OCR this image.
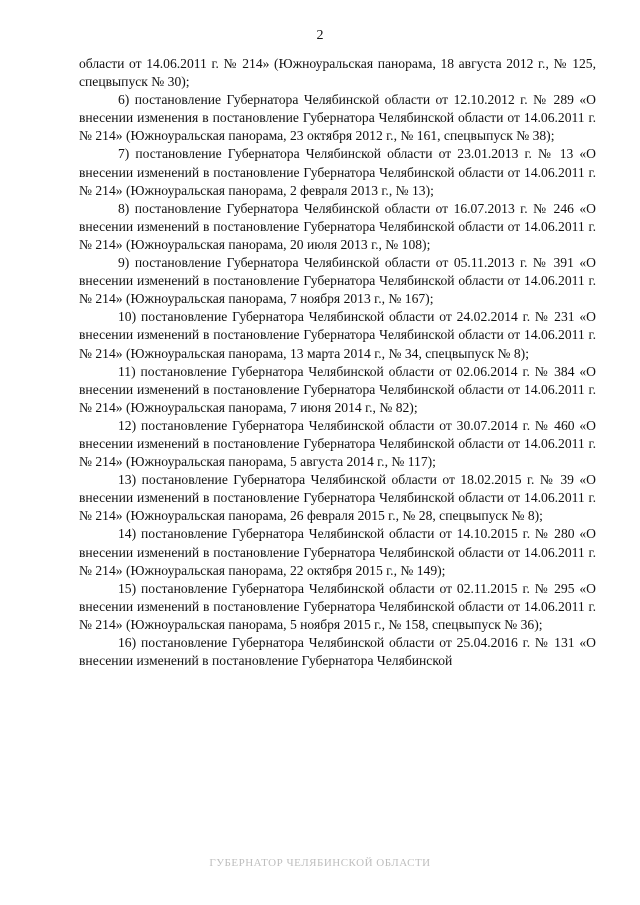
2

области от 14.06.2011 г. № 214» (Южноуральская панорама, 18 августа 2012 г., № 125, спецвыпуск № 30);

6) постановление Губернатора Челябинской области от 12.10.2012 г. № 289 «О внесении изменения в постановление Губернатора Челябинской области от 14.06.2011 г. № 214» (Южноуральская панорама, 23 октября 2012 г., № 161, спецвыпуск № 38);

7) постановление Губернатора Челябинской области от 23.01.2013 г. № 13 «О внесении изменений в постановление Губернатора Челябинской области от 14.06.2011 г. № 214» (Южноуральская панорама, 2 февраля 2013 г., № 13);

8) постановление Губернатора Челябинской области от 16.07.2013 г. № 246 «О внесении изменений в постановление Губернатора Челябинской области от 14.06.2011 г. № 214» (Южноуральская панорама, 20 июля 2013 г., № 108);

9) постановление Губернатора Челябинской области от 05.11.2013 г. № 391 «О внесении изменений в постановление Губернатора Челябинской области от 14.06.2011 г. № 214» (Южноуральская панорама, 7 ноября 2013 г., № 167);

10) постановление Губернатора Челябинской области от 24.02.2014 г. № 231 «О внесении изменений в постановление Губернатора Челябинской области от 14.06.2011 г. № 214» (Южноуральская панорама, 13 марта 2014 г., № 34, спецвыпуск № 8);

11) постановление Губернатора Челябинской области от 02.06.2014 г. № 384 «О внесении изменений в постановление Губернатора Челябинской области от 14.06.2011 г. № 214» (Южноуральская панорама, 7 июня 2014 г., № 82);

12) постановление Губернатора Челябинской области от 30.07.2014 г. № 460 «О внесении изменений в постановление Губернатора Челябинской области от 14.06.2011 г. № 214» (Южноуральская панорама, 5 августа 2014 г., № 117);

13) постановление Губернатора Челябинской области от 18.02.2015 г. № 39 «О внесении изменений в постановление Губернатора Челябинской области от 14.06.2011 г. № 214» (Южноуральская панорама, 26 февраля 2015 г., № 28, спецвыпуск № 8);

14) постановление Губернатора Челябинской области от 14.10.2015 г. № 280 «О внесении изменений в постановление Губернатора Челябинской области от 14.06.2011 г. № 214» (Южноуральская панорама, 22 октября 2015 г., № 149);

15) постановление Губернатора Челябинской области от 02.11.2015 г. № 295 «О внесении изменений в постановление Губернатора Челябинской области от 14.06.2011 г. № 214» (Южноуральская панорама, 5 ноября 2015 г., № 158, спецвыпуск № 36);

16) постановление Губернатора Челябинской области от 25.04.2016 г. № 131 «О внесении изменений в постановление Губернатора Челябинской

ГУБЕРНАТОР ЧЕЛЯБИНСКОЙ ОБЛАСТИ
